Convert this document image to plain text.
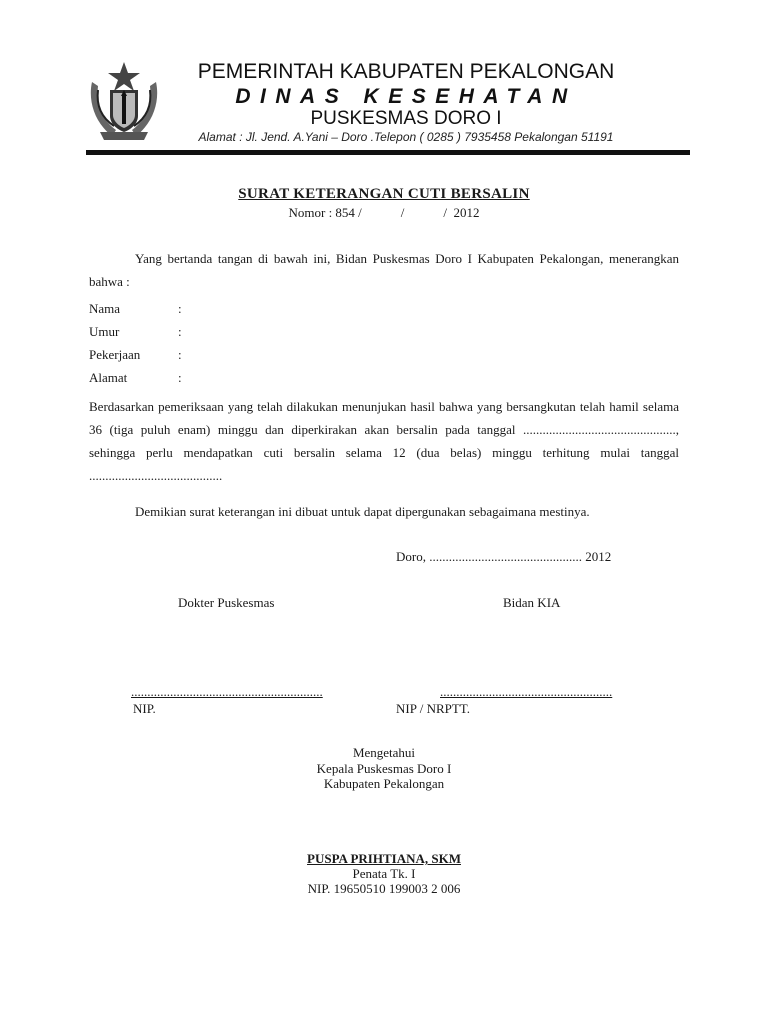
PEMERINTAH KABUPATEN PEKALONGAN
DINAS KESEHATAN
PUSKESMAS DORO I
Alamat : Jl. Jend. A.Yani – Doro .Telepon ( 0285 ) 7935458 Pekalongan 51191
SURAT KETERANGAN CUTI BERSALIN
Nomor : 854 /            /            /  2012
Yang bertanda tangan di bawah ini, Bidan Puskesmas Doro I Kabupaten Pekalongan, menerangkan bahwa :
Nama	:
Umur	:
Pekerjaan	:
Alamat	:
Berdasarkan pemeriksaan yang telah dilakukan menunjukan hasil bahwa yang bersangkutan telah hamil selama 36 (tiga puluh enam) minggu dan diperkirakan akan bersalin pada tanggal ..............................................., sehingga perlu mendapatkan cuti bersalin selama 12 (dua belas) minggu terhitung mulai tanggal .........................................
Demikian surat keterangan ini dibuat untuk dapat dipergunakan sebagaimana mestinya.
Doro, ............................................... 2012
Dokter Puskesmas	Bidan KIA
...........................................................	.....................................................
NIP.	NIP / NRPTT.
Mengetahui
Kepala Puskesmas Doro I
Kabupaten Pekalongan
PUSPA PRIHTIANA, SKM
Penata Tk. I
NIP. 19650510 199003 2 006
